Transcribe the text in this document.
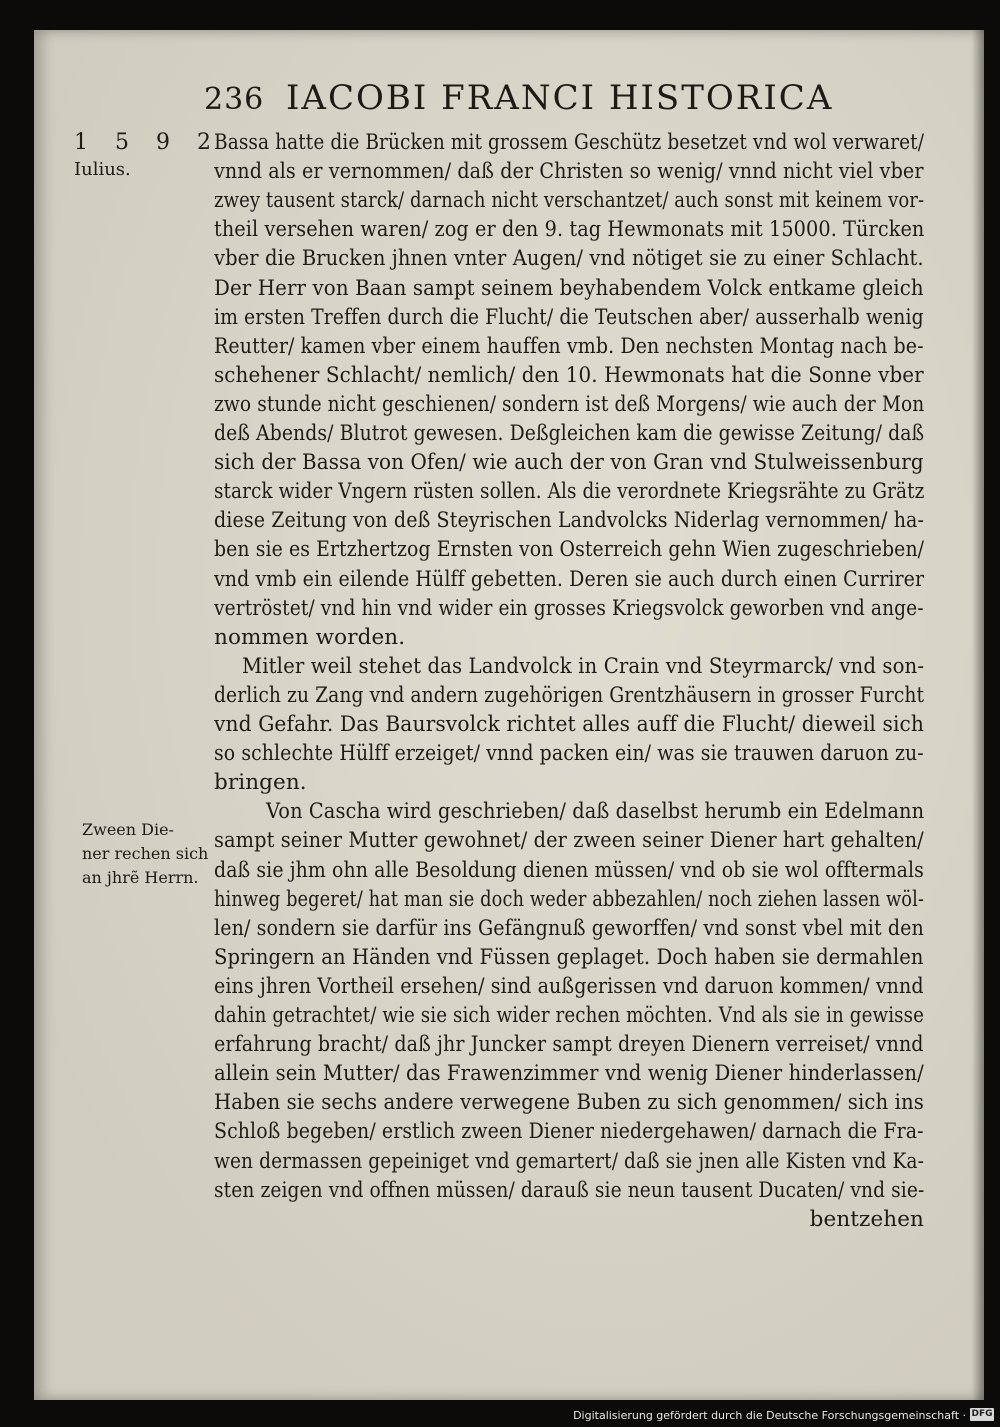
236 IACOBI FRANCI HISTORICA
1 5 9 2
Iulius.
Zween Die-
ner rechen sich
an jhrẽ Herrn.
Bassa hatte die Brücken mit grossem Geschütz besetzet vnd wol verwaret/
vnnd als er vernommen/ daß der Christen so wenig/ vnnd nicht viel vber
zwey tausent starck/ darnach nicht verschantzet/ auch sonst mit keinem vor-
theil versehen waren/ zog er den 9. tag Hewmonats mit 15000. Türcken
vber die Brucken jhnen vnter Augen/ vnd nötiget sie zu einer Schlacht.
Der Herr von Baan sampt seinem beyhabendem Volck entkame gleich
im ersten Treffen durch die Flucht/ die Teutschen aber/ ausserhalb wenig
Reutter/ kamen vber einem hauffen vmb. Den nechsten Montag nach be-
schehener Schlacht/ nemlich/ den 10. Hewmonats hat die Sonne vber
zwo stunde nicht geschienen/ sondern ist deß Morgens/ wie auch der Mon
deß Abends/ Blutrot gewesen. Deßgleichen kam die gewisse Zeitung/ daß
sich der Bassa von Ofen/ wie auch der von Gran vnd Stulweissenburg
starck wider Vngern rüsten sollen. Als die verordnete Kriegsrähte zu Grätz
diese Zeitung von deß Steyrischen Landvolcks Niderlag vernommen/ ha-
ben sie es Ertzhertzog Ernsten von Osterreich gehn Wien zugeschrieben/
vnd vmb ein eilende Hülff gebetten. Deren sie auch durch einen Currirer
vertröstet/ vnd hin vnd wider ein grosses Kriegsvolck geworben vnd ange-
nommen worden.
Mitler weil stehet das Landvolck in Crain vnd Steyrmarck/ vnd son-
derlich zu Zang vnd andern zugehörigen Grentzhäusern in grosser Furcht
vnd Gefahr. Das Baursvolck richtet alles auff die Flucht/ dieweil sich
so schlechte Hülff erzeiget/ vnnd packen ein/ was sie trauwen daruon zu-
bringen.
Von Cascha wird geschrieben/ daß daselbst herumb ein Edelmann
sampt seiner Mutter gewohnet/ der zween seiner Diener hart gehalten/
daß sie jhm ohn alle Besoldung dienen müssen/ vnd ob sie wol offtermals
hinweg begeret/ hat man sie doch weder abbezahlen/ noch ziehen lassen wöl-
len/ sondern sie darfür ins Gefängnuß geworffen/ vnd sonst vbel mit den
Springern an Händen vnd Füssen geplaget. Doch haben sie dermahlen
eins jhren Vortheil ersehen/ sind außgerissen vnd daruon kommen/ vnnd
dahin getrachtet/ wie sie sich wider rechen möchten. Vnd als sie in gewisse
erfahrung bracht/ daß jhr Juncker sampt dreyen Dienern verreiset/ vnnd
allein sein Mutter/ das Frawenzimmer vnd wenig Diener hinderlassen/
Haben sie sechs andere verwegene Buben zu sich genommen/ sich ins
Schloß begeben/ erstlich zween Diener niedergehawen/ darnach die Fra-
wen dermassen gepeiniget vnd gemartert/ daß sie jnen alle Kisten vnd Ka-
sten zeigen vnd offnen müssen/ darauß sie neun tausent Ducaten/ vnd sie-
bentzehen
Digitalisierung gefördert durch die Deutsche Forschungsgemeinschaft · DFG
